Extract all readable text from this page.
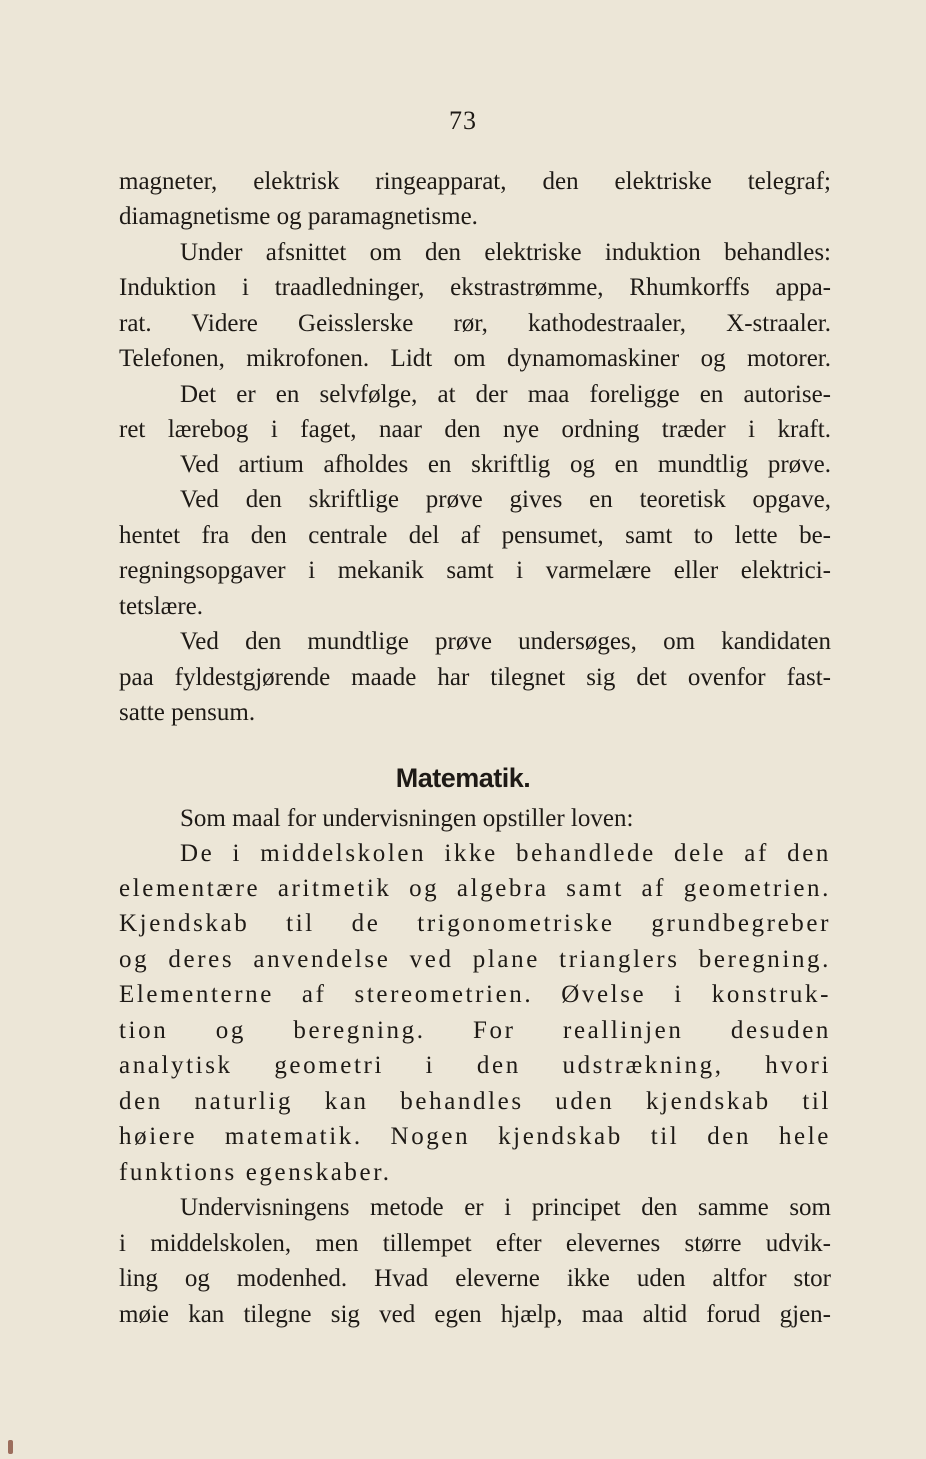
73
magneter, elektrisk ringeapparat, den elektriske telegraf;
diamagnetisme og paramagnetisme.
Under afsnittet om den elektriske induktion behandles:
Induktion i traadledninger, ekstrastrømme, Rhumkorffs appa-
rat. Videre Geisslerske rør, kathodestraaler, X-straaler.
Telefonen, mikrofonen. Lidt om dynamomaskiner og motorer.
Det er en selvfølge, at der maa foreligge en autorise-
ret lærebog i faget, naar den nye ordning træder i kraft.
Ved artium afholdes en skriftlig og en mundtlig prøve.
Ved den skriftlige prøve gives en teoretisk opgave,
hentet fra den centrale del af pensumet, samt to lette be-
regningsopgaver i mekanik samt i varmelære eller elektrici-
tetslære.
Ved den mundtlige prøve undersøges, om kandidaten
paa fyldestgjørende maade har tilegnet sig det ovenfor fast-
satte pensum.
Matematik.
Som maal for undervisningen opstiller loven:
De i middelskolen ikke behandlede dele af den
elementære aritmetik og algebra samt af geometrien.
Kjendskab til de trigonometriske grundbegreber
og deres anvendelse ved plane trianglers beregning.
Elementerne af stereometrien. Øvelse i konstruk-
tion og beregning. For reallinjen desuden
analytisk geometri i den udstrækning, hvori
den naturlig kan behandles uden kjendskab til
høiere matematik. Nogen kjendskab til den hele
funktions egenskaber.
Undervisningens metode er i principet den samme som
i middelskolen, men tillempet efter elevernes større udvik-
ling og modenhed. Hvad eleverne ikke uden altfor stor
møie kan tilegne sig ved egen hjælp, maa altid forud gjen-
